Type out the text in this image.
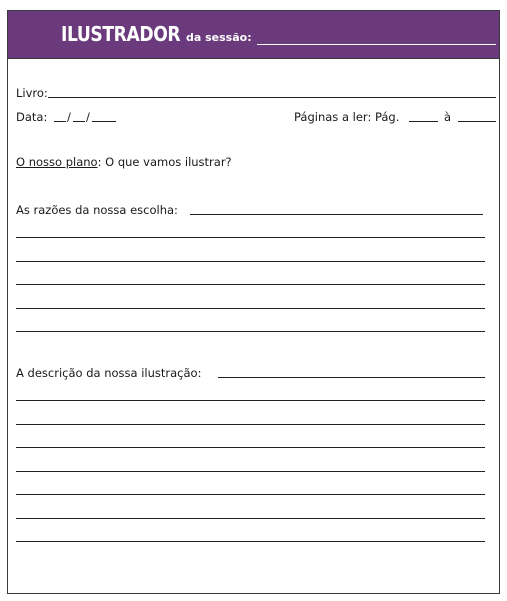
ILUSTRADOR da sessão:
Livro:
Data: / /	Páginas a ler: Pág.	à
O nosso plano: O que vamos ilustrar?
As razões da nossa escolha:
A descrição da nossa ilustração:
